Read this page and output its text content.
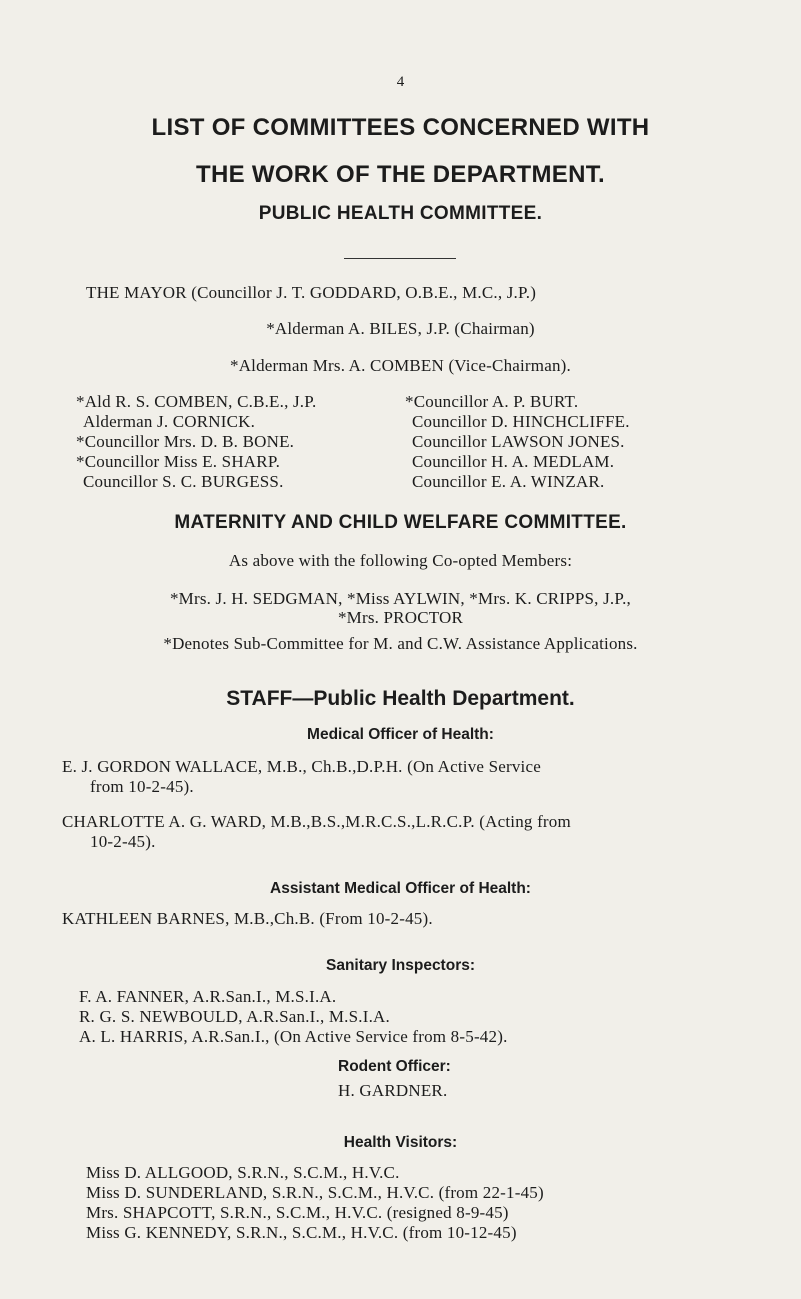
4
LIST OF COMMITTEES CONCERNED WITH
THE WORK OF THE DEPARTMENT.
PUBLIC HEALTH COMMITTEE.
THE MAYOR (Councillor J. T. GODDARD, O.B.E., M.C., J.P.)
*Alderman A. BILES, J.P. (Chairman)
*Alderman Mrs. A. COMBEN (Vice-Chairman).
*Ald R. S. COMBEN, C.B.E., J.P.
Alderman J. CORNICK.
*Councillor Mrs. D. B. BONE.
*Councillor Miss E. SHARP.
Councillor S. C. BURGESS.
*Councillor A. P. BURT.
Councillor D. HINCHCLIFFE.
Councillor LAWSON JONES.
Councillor H. A. MEDLAM.
Councillor E. A. WINZAR.
MATERNITY AND CHILD WELFARE COMMITTEE.
As above with the following Co-opted Members:
*Mrs. J. H. SEDGMAN, *Miss AYLWIN, *Mrs. K. CRIPPS, J.P.,
*Mrs. PROCTOR
*Denotes Sub-Committee for M. and C.W. Assistance Applications.
STAFF—Public Health Department.
Medical Officer of Health:
E. J. GORDON WALLACE, M.B., Ch.B.,D.P.H. (On Active Service
from 10-2-45).
CHARLOTTE A. G. WARD, M.B.,B.S.,M.R.C.S.,L.R.C.P. (Acting from
10-2-45).
Assistant Medical Officer of Health:
KATHLEEN BARNES, M.B.,Ch.B. (From 10-2-45).
Sanitary Inspectors:
F. A. FANNER, A.R.San.I., M.S.I.A.
R. G. S. NEWBOULD, A.R.San.I., M.S.I.A.
A. L. HARRIS, A.R.San.I., (On Active Service from 8-5-42).
Rodent Officer:
H. GARDNER.
Health Visitors:
Miss D. ALLGOOD, S.R.N., S.C.M., H.V.C.
Miss D. SUNDERLAND, S.R.N., S.C.M., H.V.C. (from 22-1-45)
Mrs. SHAPCOTT, S.R.N., S.C.M., H.V.C. (resigned 8-9-45)
Miss G. KENNEDY, S.R.N., S.C.M., H.V.C. (from 10-12-45)
